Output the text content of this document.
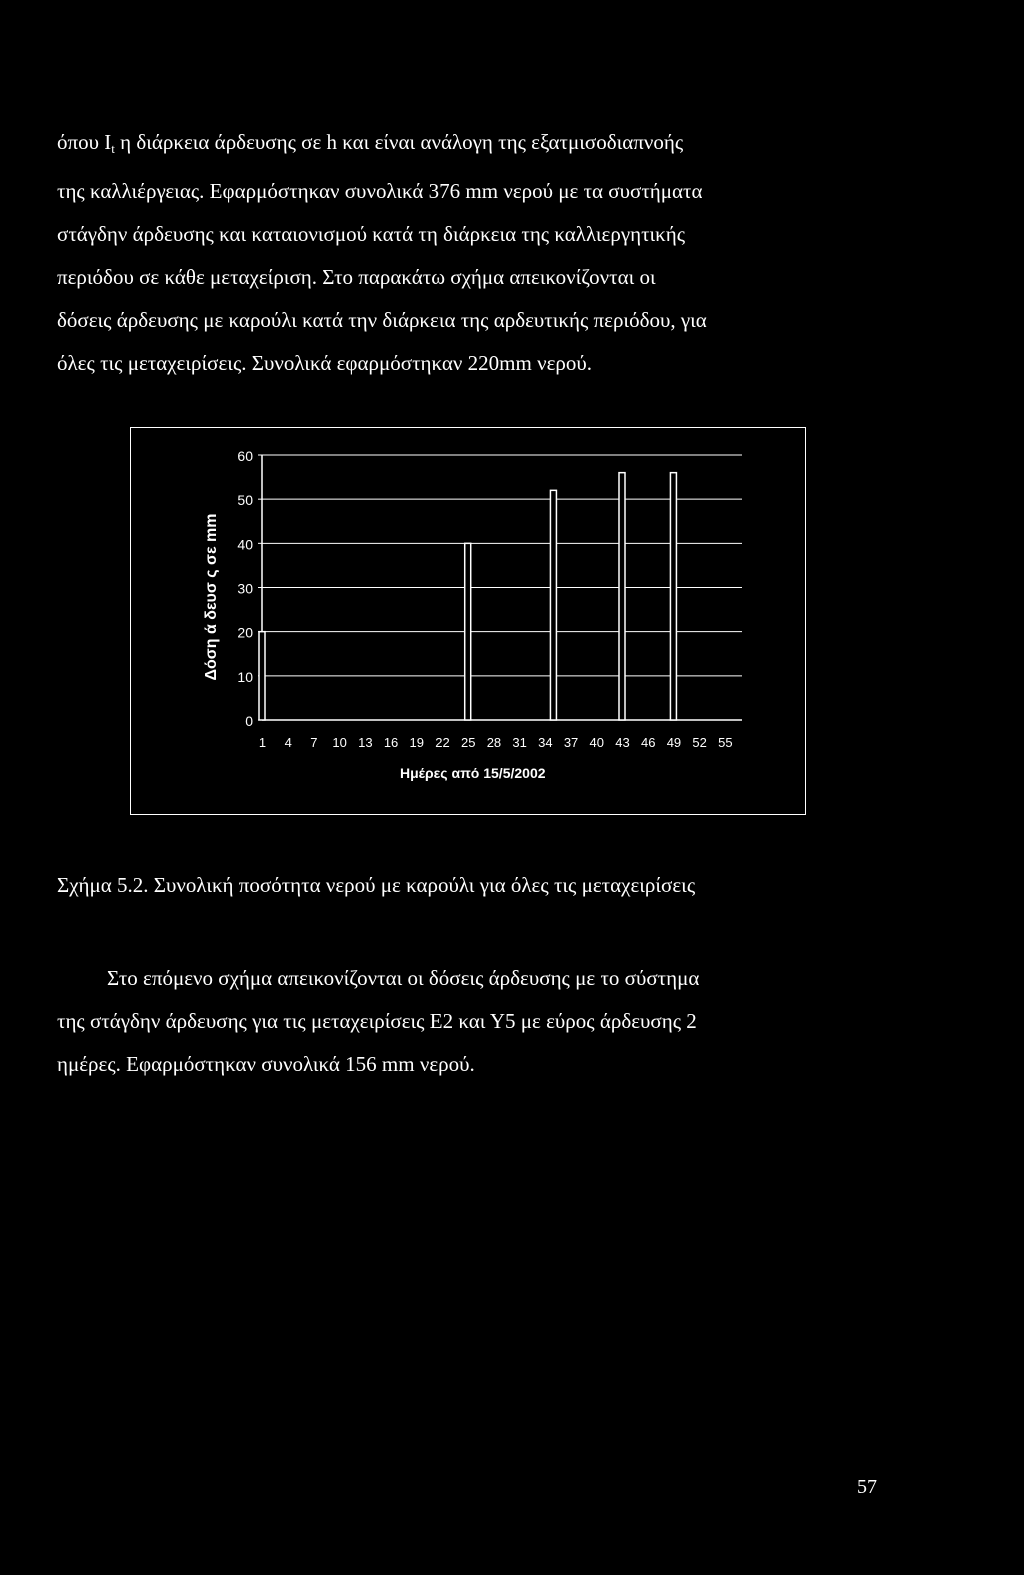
όπου $I_t$ η διάρκεια άρδευσης σε h και είναι ανάλογη της εξατμισοδιαπνοής
της καλλιέργειας. Εφαρμόστηκαν συνολικά 376 mm νερού με τα συστήματα
στάγδην άρδευσης και καταιονισμού κατά τη διάρκεια της καλλιεργητικής
περιόδου σε κάθε μεταχείριση. Στο παρακάτω σχήμα απεικονίζονται οι
δόσεις άρδευσης με καρούλι κατά την διάρκεια της αρδευτικής περιόδου, για
όλες τις μεταχειρίσεις. Συνολικά εφαρμόστηκαν 220mm νερού.
0
10
20
30
40
50
60
1 4 7 10 13 16 19 22 25 28 31 34 37 40 43 46 49 52 55
Δόση ά δευσ ς σε mm
Ημέρες από 15/5/2002
Σχήμα 5.2. Συνολική ποσότητα νερού με καρούλι για όλες τις μεταχειρίσεις
Στο επόμενο σχήμα απεικονίζονται οι δόσεις άρδευσης με το σύστημα
της στάγδην άρδευσης για τις μεταχειρίσεις Ε2 και Υ5 με εύρος άρδευσης 2
ημέρες. Εφαρμόστηκαν συνολικά 156 mm νερού.
57
